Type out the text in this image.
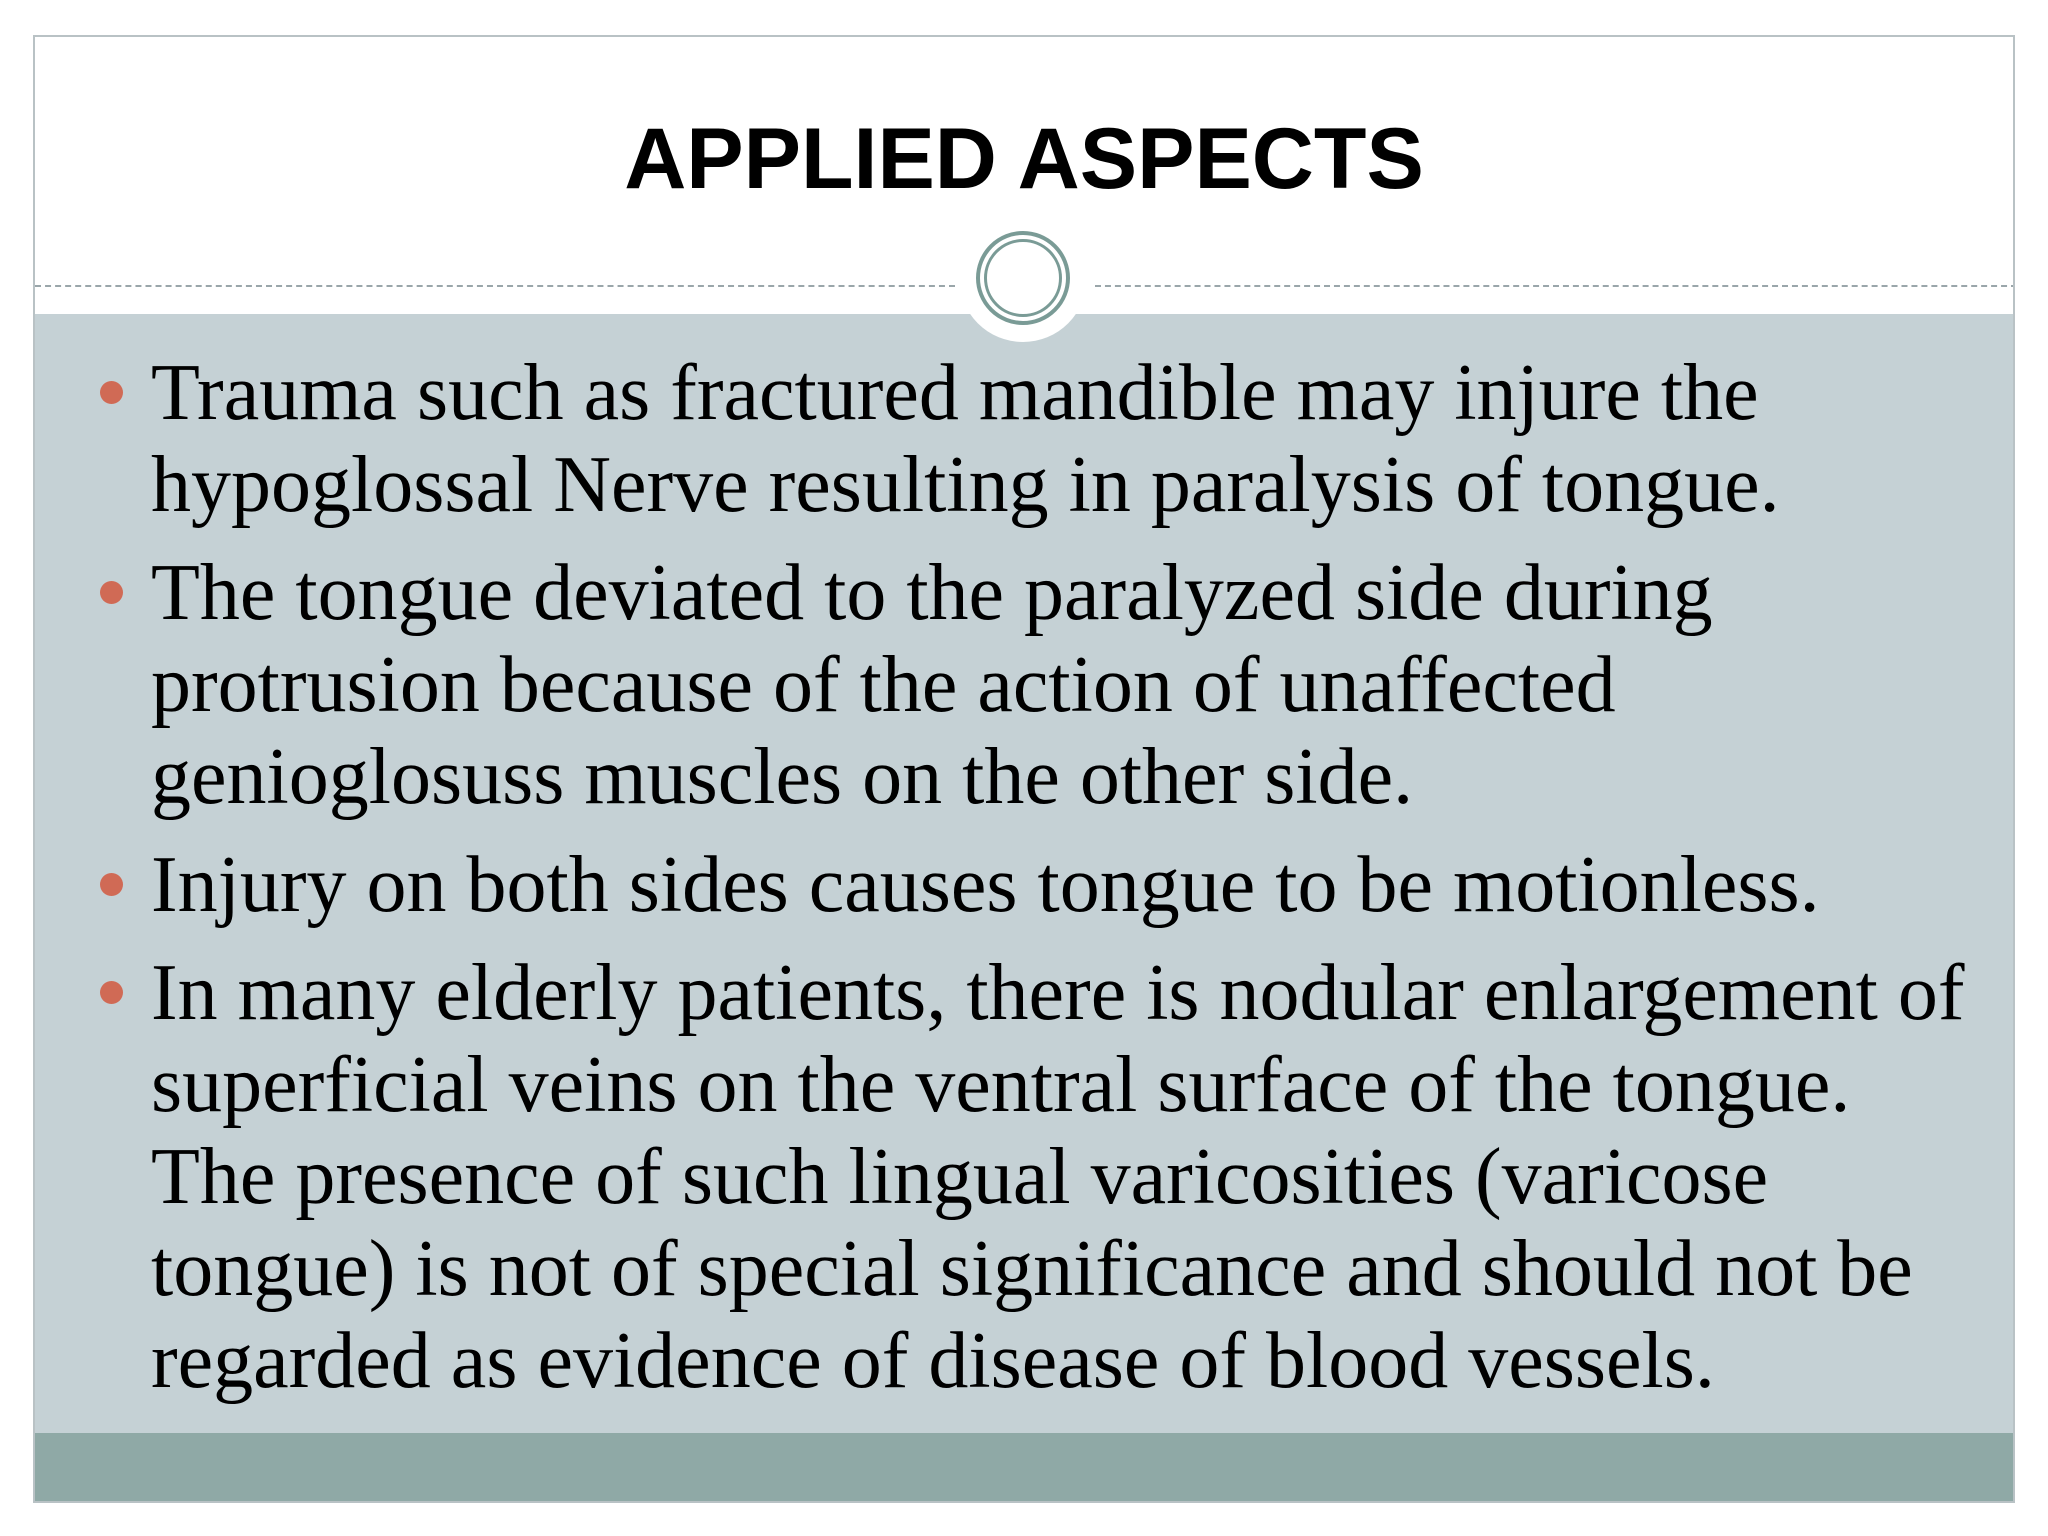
APPLIED ASPECTS
Trauma such as fractured mandible may injure the hypoglossal Nerve resulting in paralysis of tongue.
The tongue deviated to the paralyzed side during protrusion because of the action of unaffected genioglosuss muscles on the other side.
Injury on both sides causes tongue to be motionless.
In many elderly patients, there is nodular enlargement of superficial veins on the ventral surface of the tongue. The presence of such lingual varicosities (varicose tongue) is not of special significance and should not be regarded as evidence of disease of blood vessels.
